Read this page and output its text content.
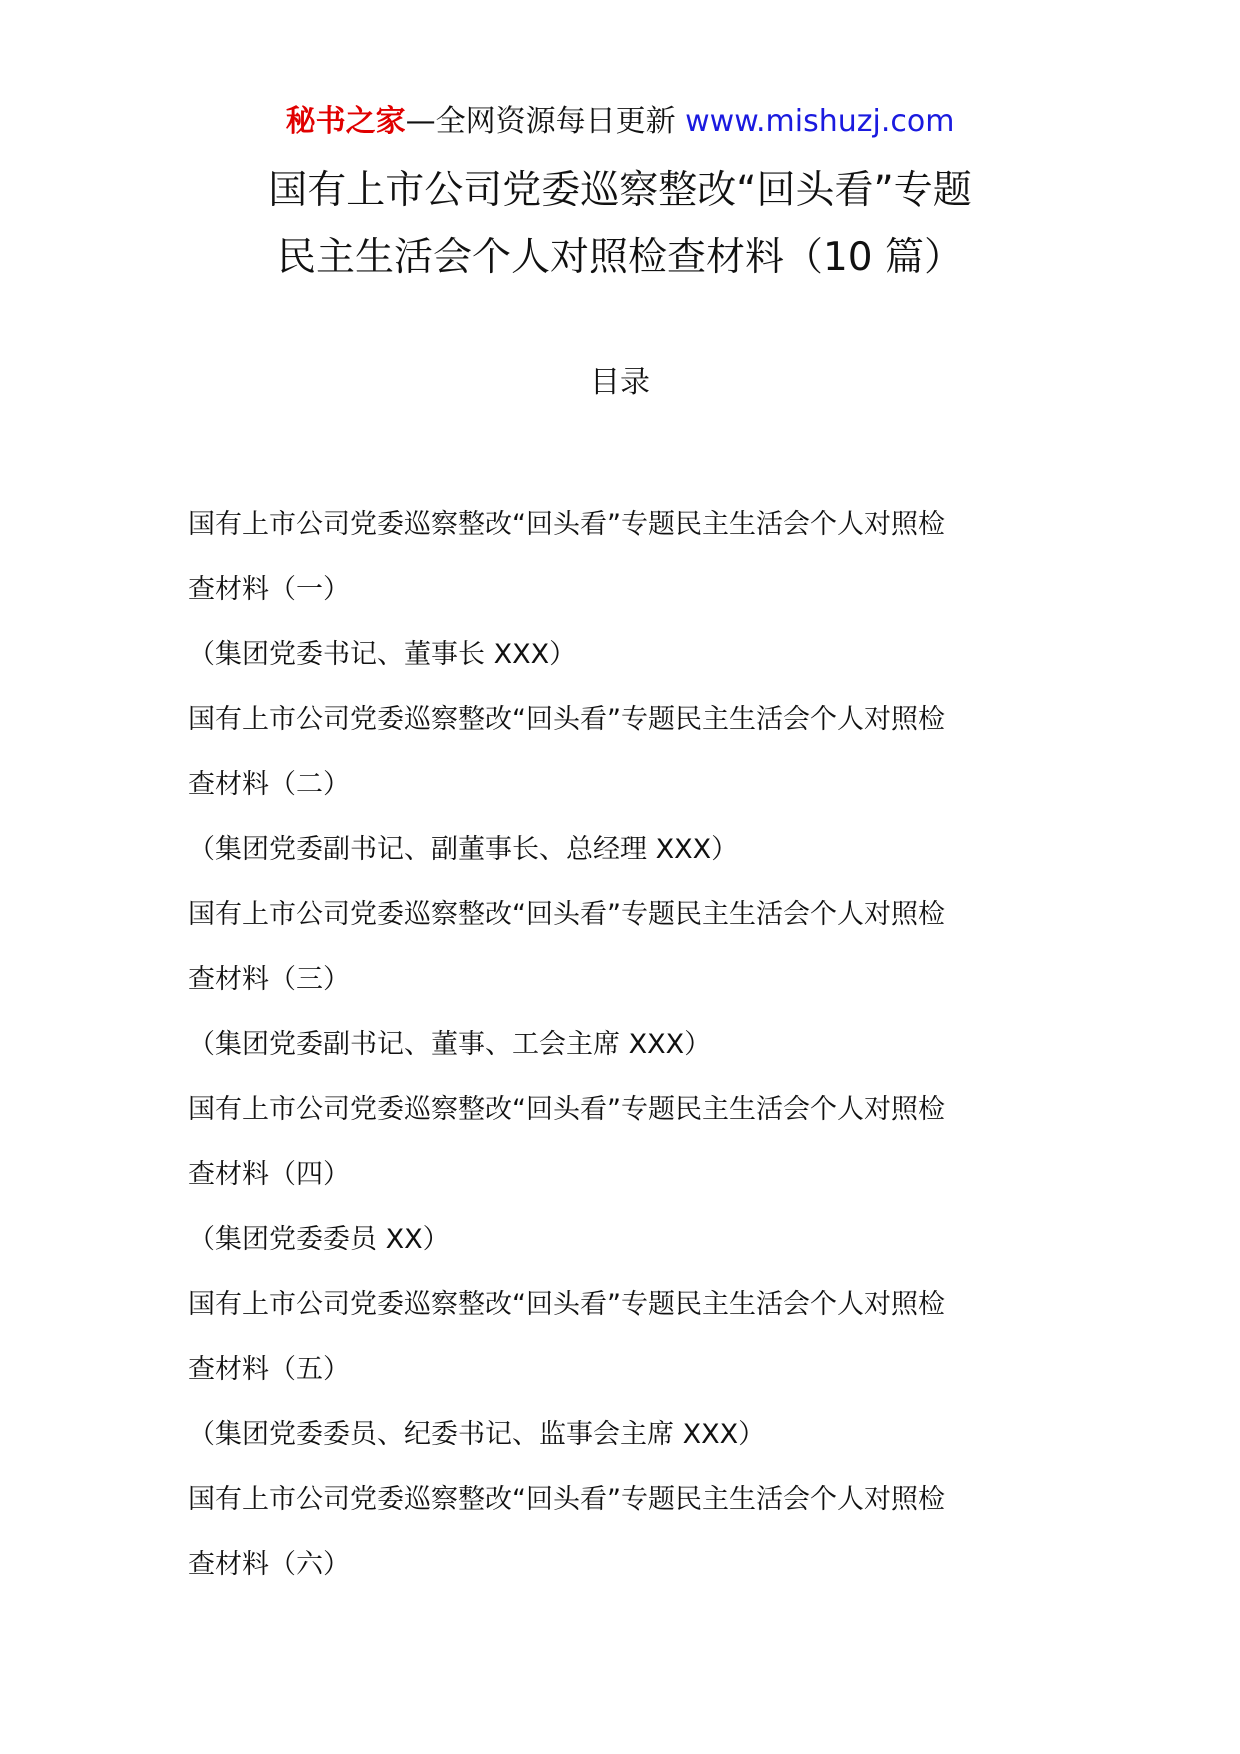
秘书之家—全网资源每日更新 www.mishuzj.com
国有上市公司党委巡察整改“回头看”专题
民主生活会个人对照检查材料（10 篇）
目录
国有上市公司党委巡察整改“回头看”专题民主生活会个人对照检
查材料（一）
（集团党委书记、董事长 XXX）
国有上市公司党委巡察整改“回头看”专题民主生活会个人对照检
查材料（二）
（集团党委副书记、副董事长、总经理 XXX）
国有上市公司党委巡察整改“回头看”专题民主生活会个人对照检
查材料（三）
（集团党委副书记、董事、工会主席 XXX）
国有上市公司党委巡察整改“回头看”专题民主生活会个人对照检
查材料（四）
（集团党委委员 XX）
国有上市公司党委巡察整改“回头看”专题民主生活会个人对照检
查材料（五）
（集团党委委员、纪委书记、监事会主席 XXX）
国有上市公司党委巡察整改“回头看”专题民主生活会个人对照检
查材料（六）
